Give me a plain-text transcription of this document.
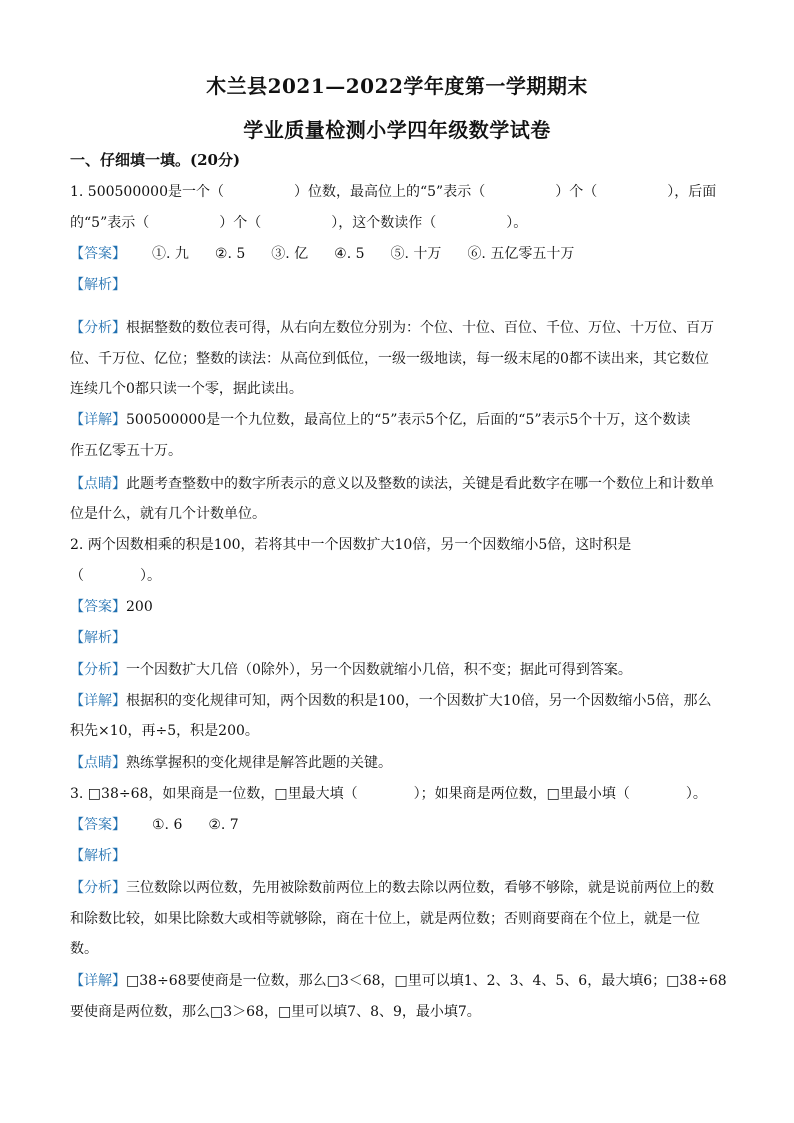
木兰县2021—2022学年度第一学期期末
学业质量检测小学四年级数学试卷
一、仔细填一填。(20分)
1. 500500000是一个（　　　　　）位数，最高位上的“5”表示（　　　　　）个（　　　　　），后面
的“5”表示（　　　　　）个（　　　　　），这个数读作（　　　　　）。
【答案】 ①. 九 ②. 5 ③. 亿 ④. 5 ⑤. 十万 ⑥. 五亿零五十万
【解析】
【分析】根据整数的数位表可得，从右向左数位分别为：个位、十位、百位、千位、万位、十万位、百万
位、千万位、亿位；整数的读法：从高位到低位，一级一级地读，每一级末尾的0都不读出来，其它数位
连续几个0都只读一个零，据此读出。
【详解】500500000是一个九位数，最高位上的“5”表示5个亿，后面的“5”表示5个十万，这个数读
作五亿零五十万。
【点睛】此题考查整数中的数字所表示的意义以及整数的读法，关键是看此数字在哪一个数位上和计数单
位是什么，就有几个计数单位。
2. 两个因数相乘的积是100，若将其中一个因数扩大10倍，另一个因数缩小5倍，这时积是
（　　　　）。
【答案】200
【解析】
【分析】一个因数扩大几倍（0除外），另一个因数就缩小几倍，积不变；据此可得到答案。
【详解】根据积的变化规律可知，两个因数的积是100，一个因数扩大10倍，另一个因数缩小5倍，那么
积先×10，再÷5，积是200。
【点睛】熟练掌握积的变化规律是解答此题的关键。
3. □38÷68，如果商是一位数，□里最大填（　　　　）；如果商是两位数，□里最小填（　　　　）。
【答案】 ①. 6 ②. 7
【解析】
【分析】三位数除以两位数，先用被除数前两位上的数去除以两位数，看够不够除，就是说前两位上的数
和除数比较，如果比除数大或相等就够除，商在十位上，就是两位数；否则商要商在个位上，就是一位
数。
【详解】□38÷68要使商是一位数，那么□3＜68，□里可以填1、2、3、4、5、6，最大填6；□38÷68
要使商是两位数，那么□3＞68，□里可以填7、8、9，最小填7。
